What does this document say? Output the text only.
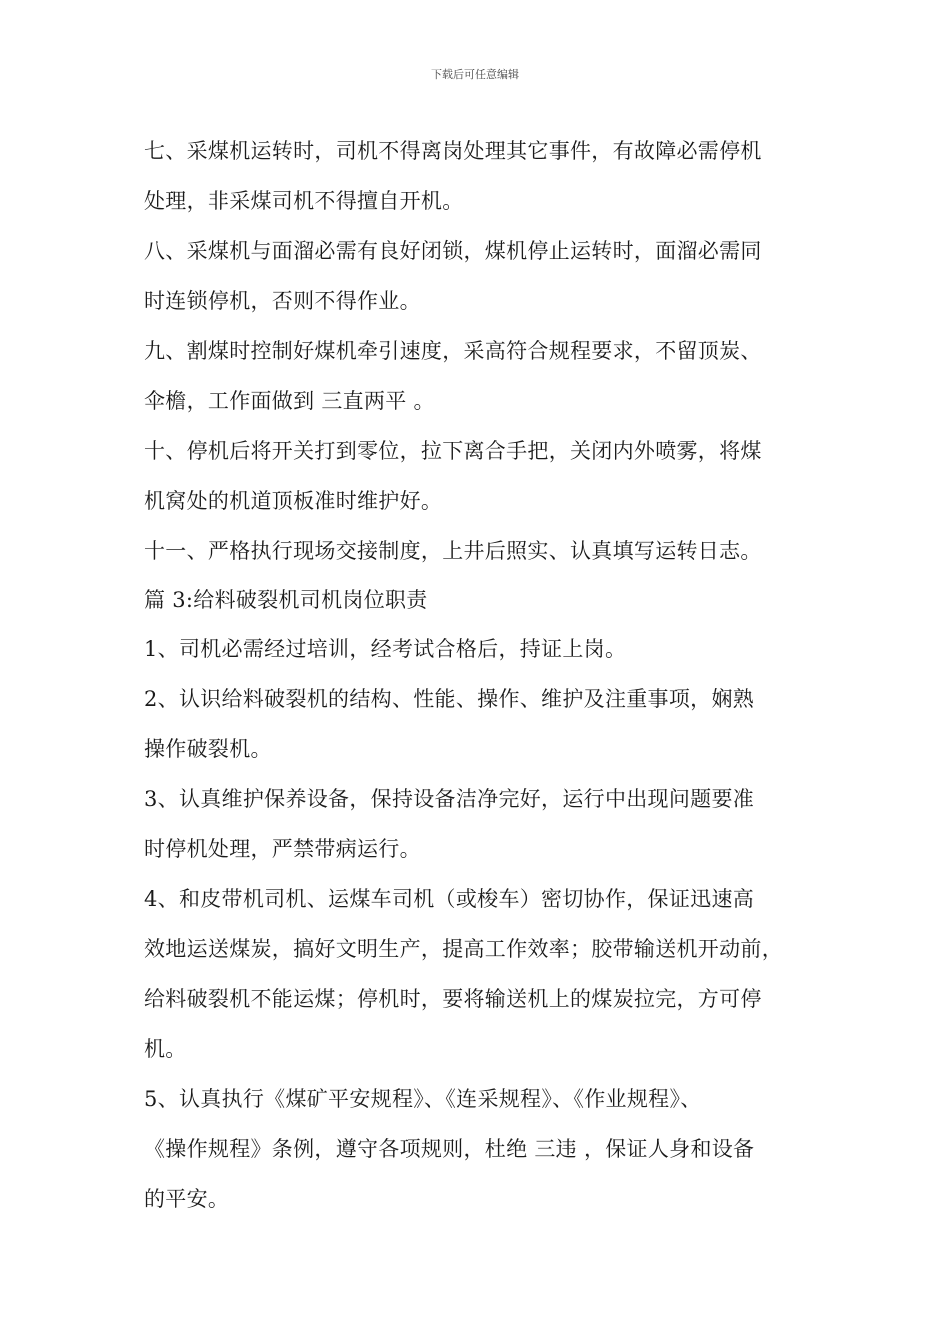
下载后可任意编辑
七、采煤机运转时，司机不得离岗处理其它事件，有故障必需停机
处理，非采煤司机不得擅自开机。
八、采煤机与面溜必需有良好闭锁，煤机停止运转时，面溜必需同
时连锁停机，否则不得作业。
九、割煤时控制好煤机牵引速度，采高符合规程要求，不留顶炭、
伞檐，工作面做到 三直两平 。
十、停机后将开关打到零位，拉下离合手把，关闭内外喷雾，将煤
机窝处的机道顶板准时维护好。
十一、严格执行现场交接制度，上井后照实、认真填写运转日志。
篇 3:给料破裂机司机岗位职责
1、司机必需经过培训，经考试合格后，持证上岗。
2、认识给料破裂机的结构、性能、操作、维护及注重事项，娴熟
操作破裂机。
3、认真维护保养设备，保持设备洁净完好，运行中出现问题要准
时停机处理，严禁带病运行。
4、和皮带机司机、运煤车司机（或梭车）密切协作，保证迅速高
效地运送煤炭，搞好文明生产，提高工作效率；胶带输送机开动前，
给料破裂机不能运煤；停机时，要将输送机上的煤炭拉完，方可停
机。
5、认真执行《煤矿平安规程》、《连采规程》、《作业规程》、
《操作规程》条例，遵守各项规则，杜绝 三违 ，保证人身和设备
的平安。
